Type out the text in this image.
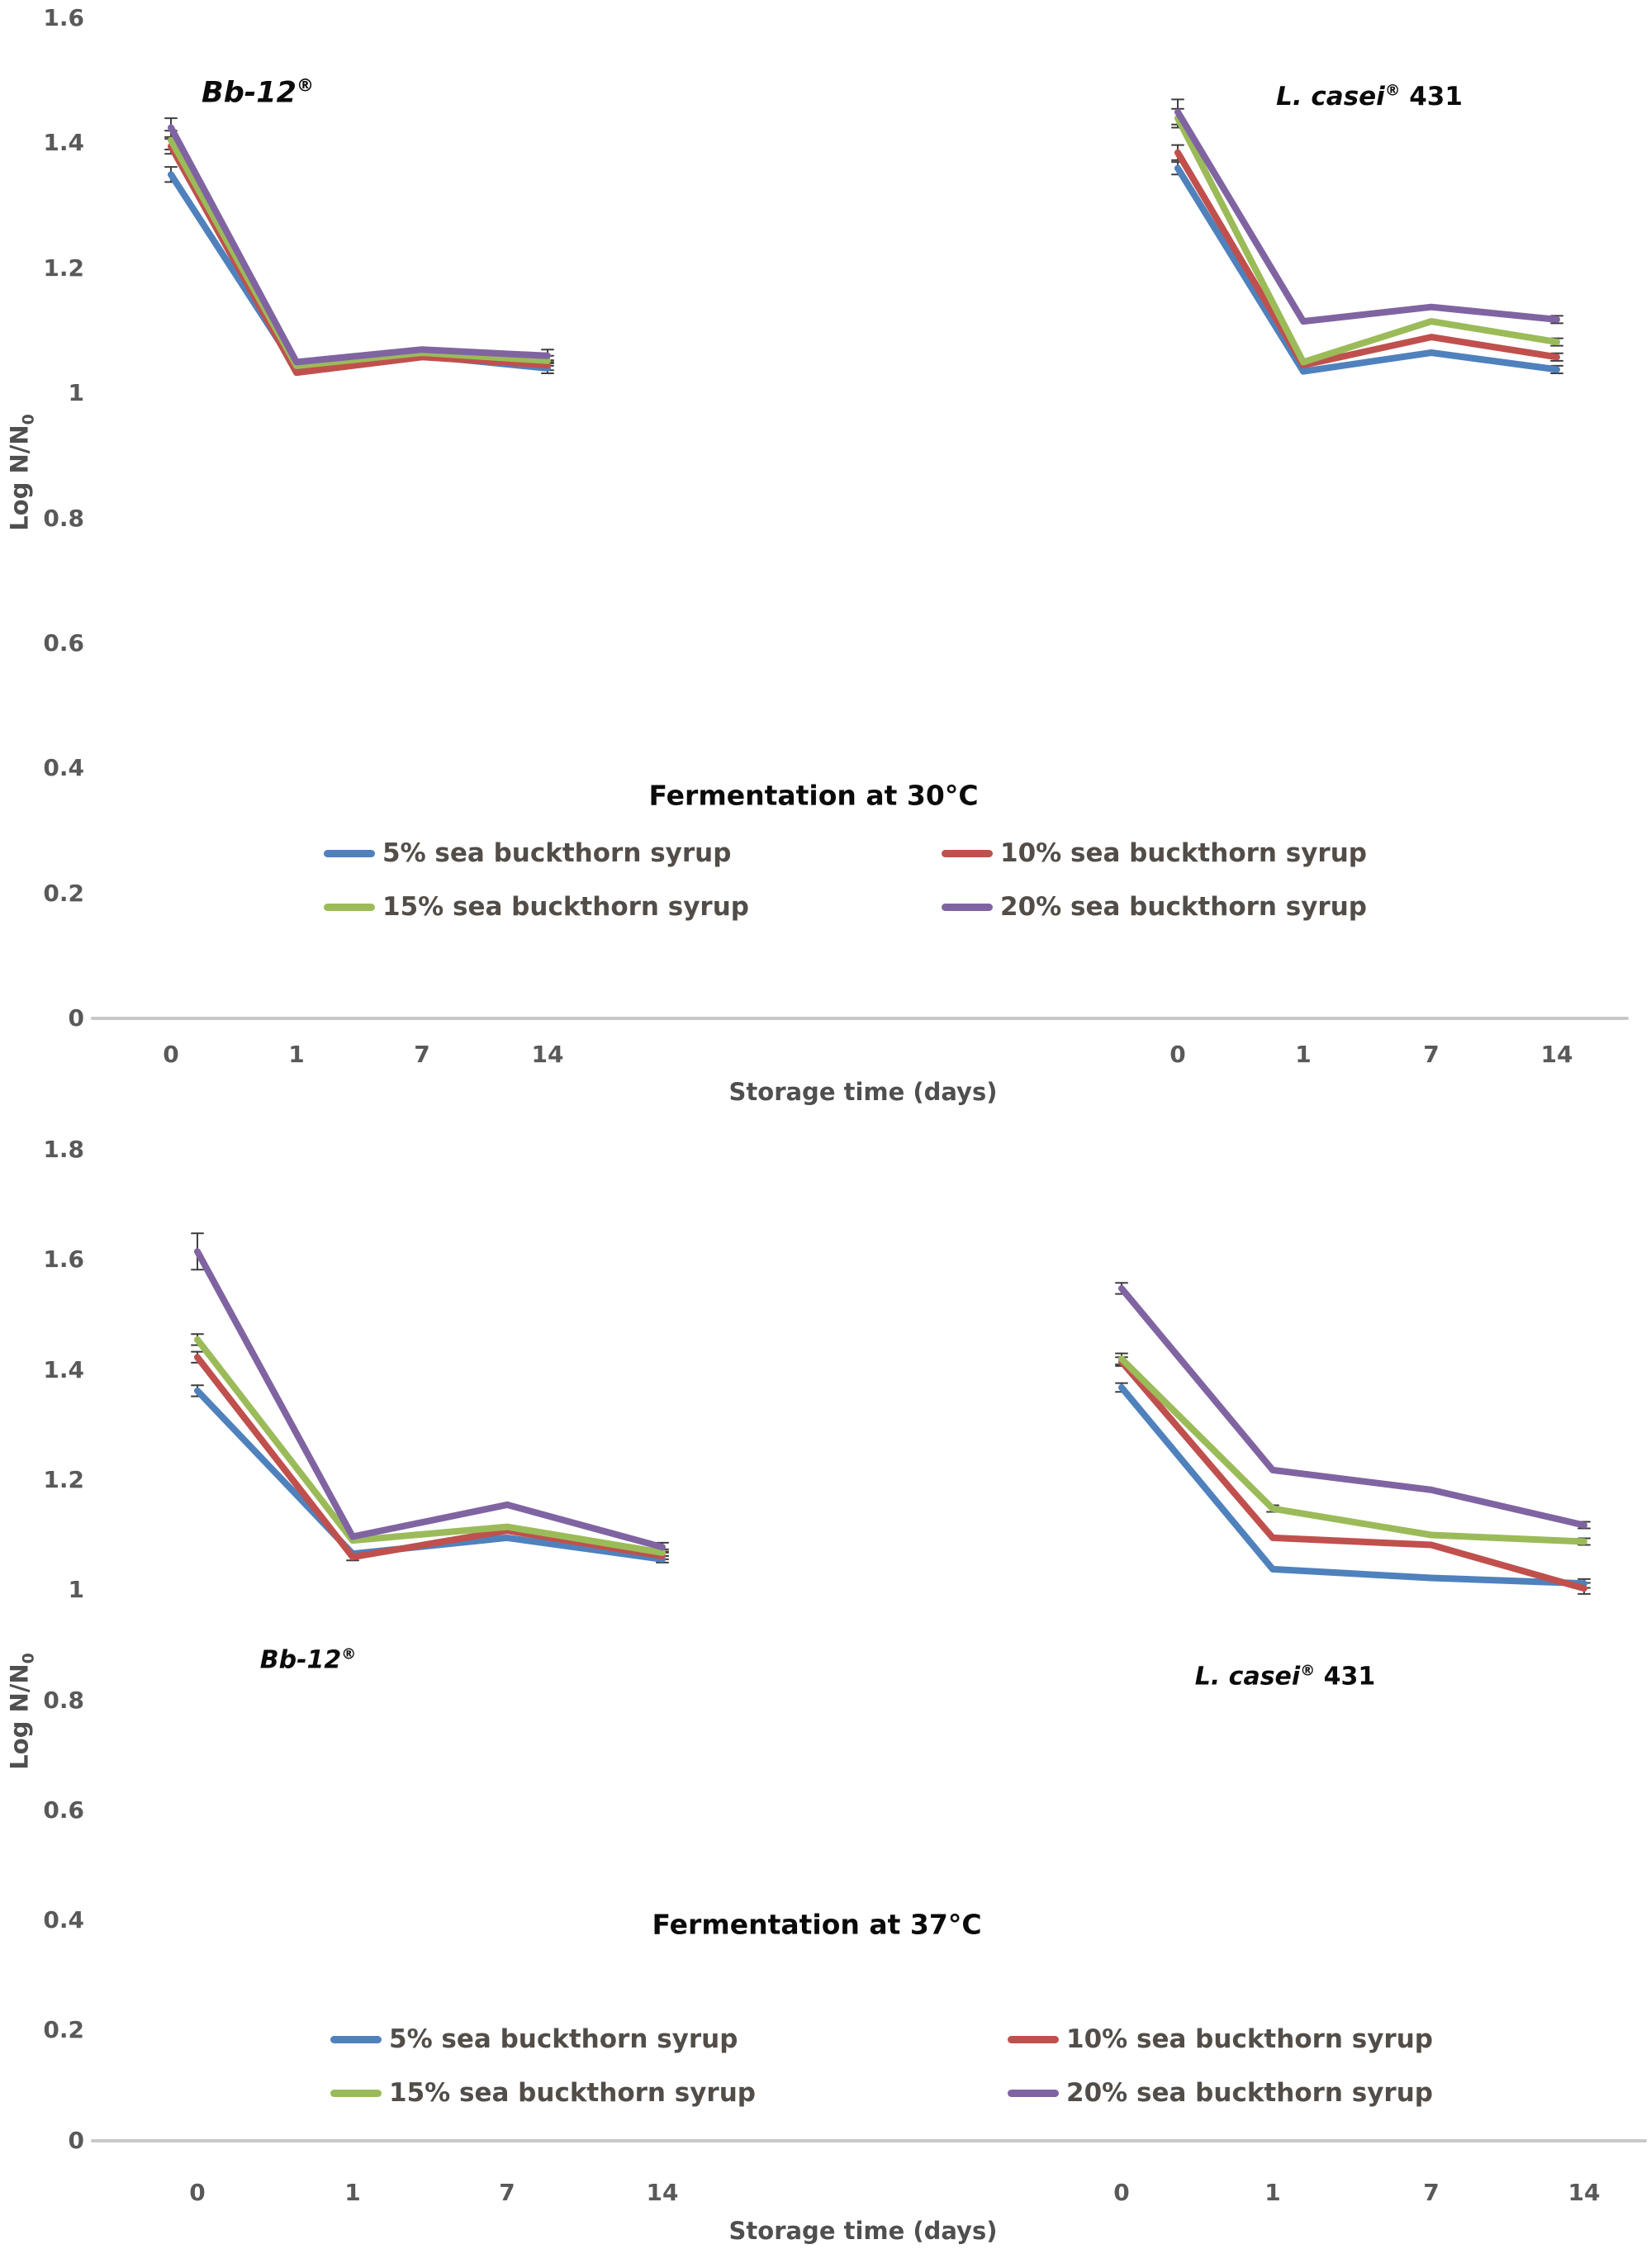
Log $N/N_0$
Bb-12®	L. casei® 431
Fermentation at 30°C
5% sea buckthorn syrup	10% sea buckthorn syrup
15% sea buckthorn syrup	20% sea buckthorn syrup
Storage time (days)
Log $N/N_0$	Bb-12®
L. casei® 431
Fermentation at 37°C
5% sea buckthorn syrup	10% sea buckthorn syrup
15% sea buckthorn syrup	20% sea buckthorn syrup
Storage time (days)
1.6
1.4
1.2
1
0.8
0.6
0.4
0.2
0
0	1	7	14	0	1	7	14
1.8
1.6
1.4
1.2
1
0.8
0.6
0.4
0.2
0
0	1	7	14	0	1	7	14
